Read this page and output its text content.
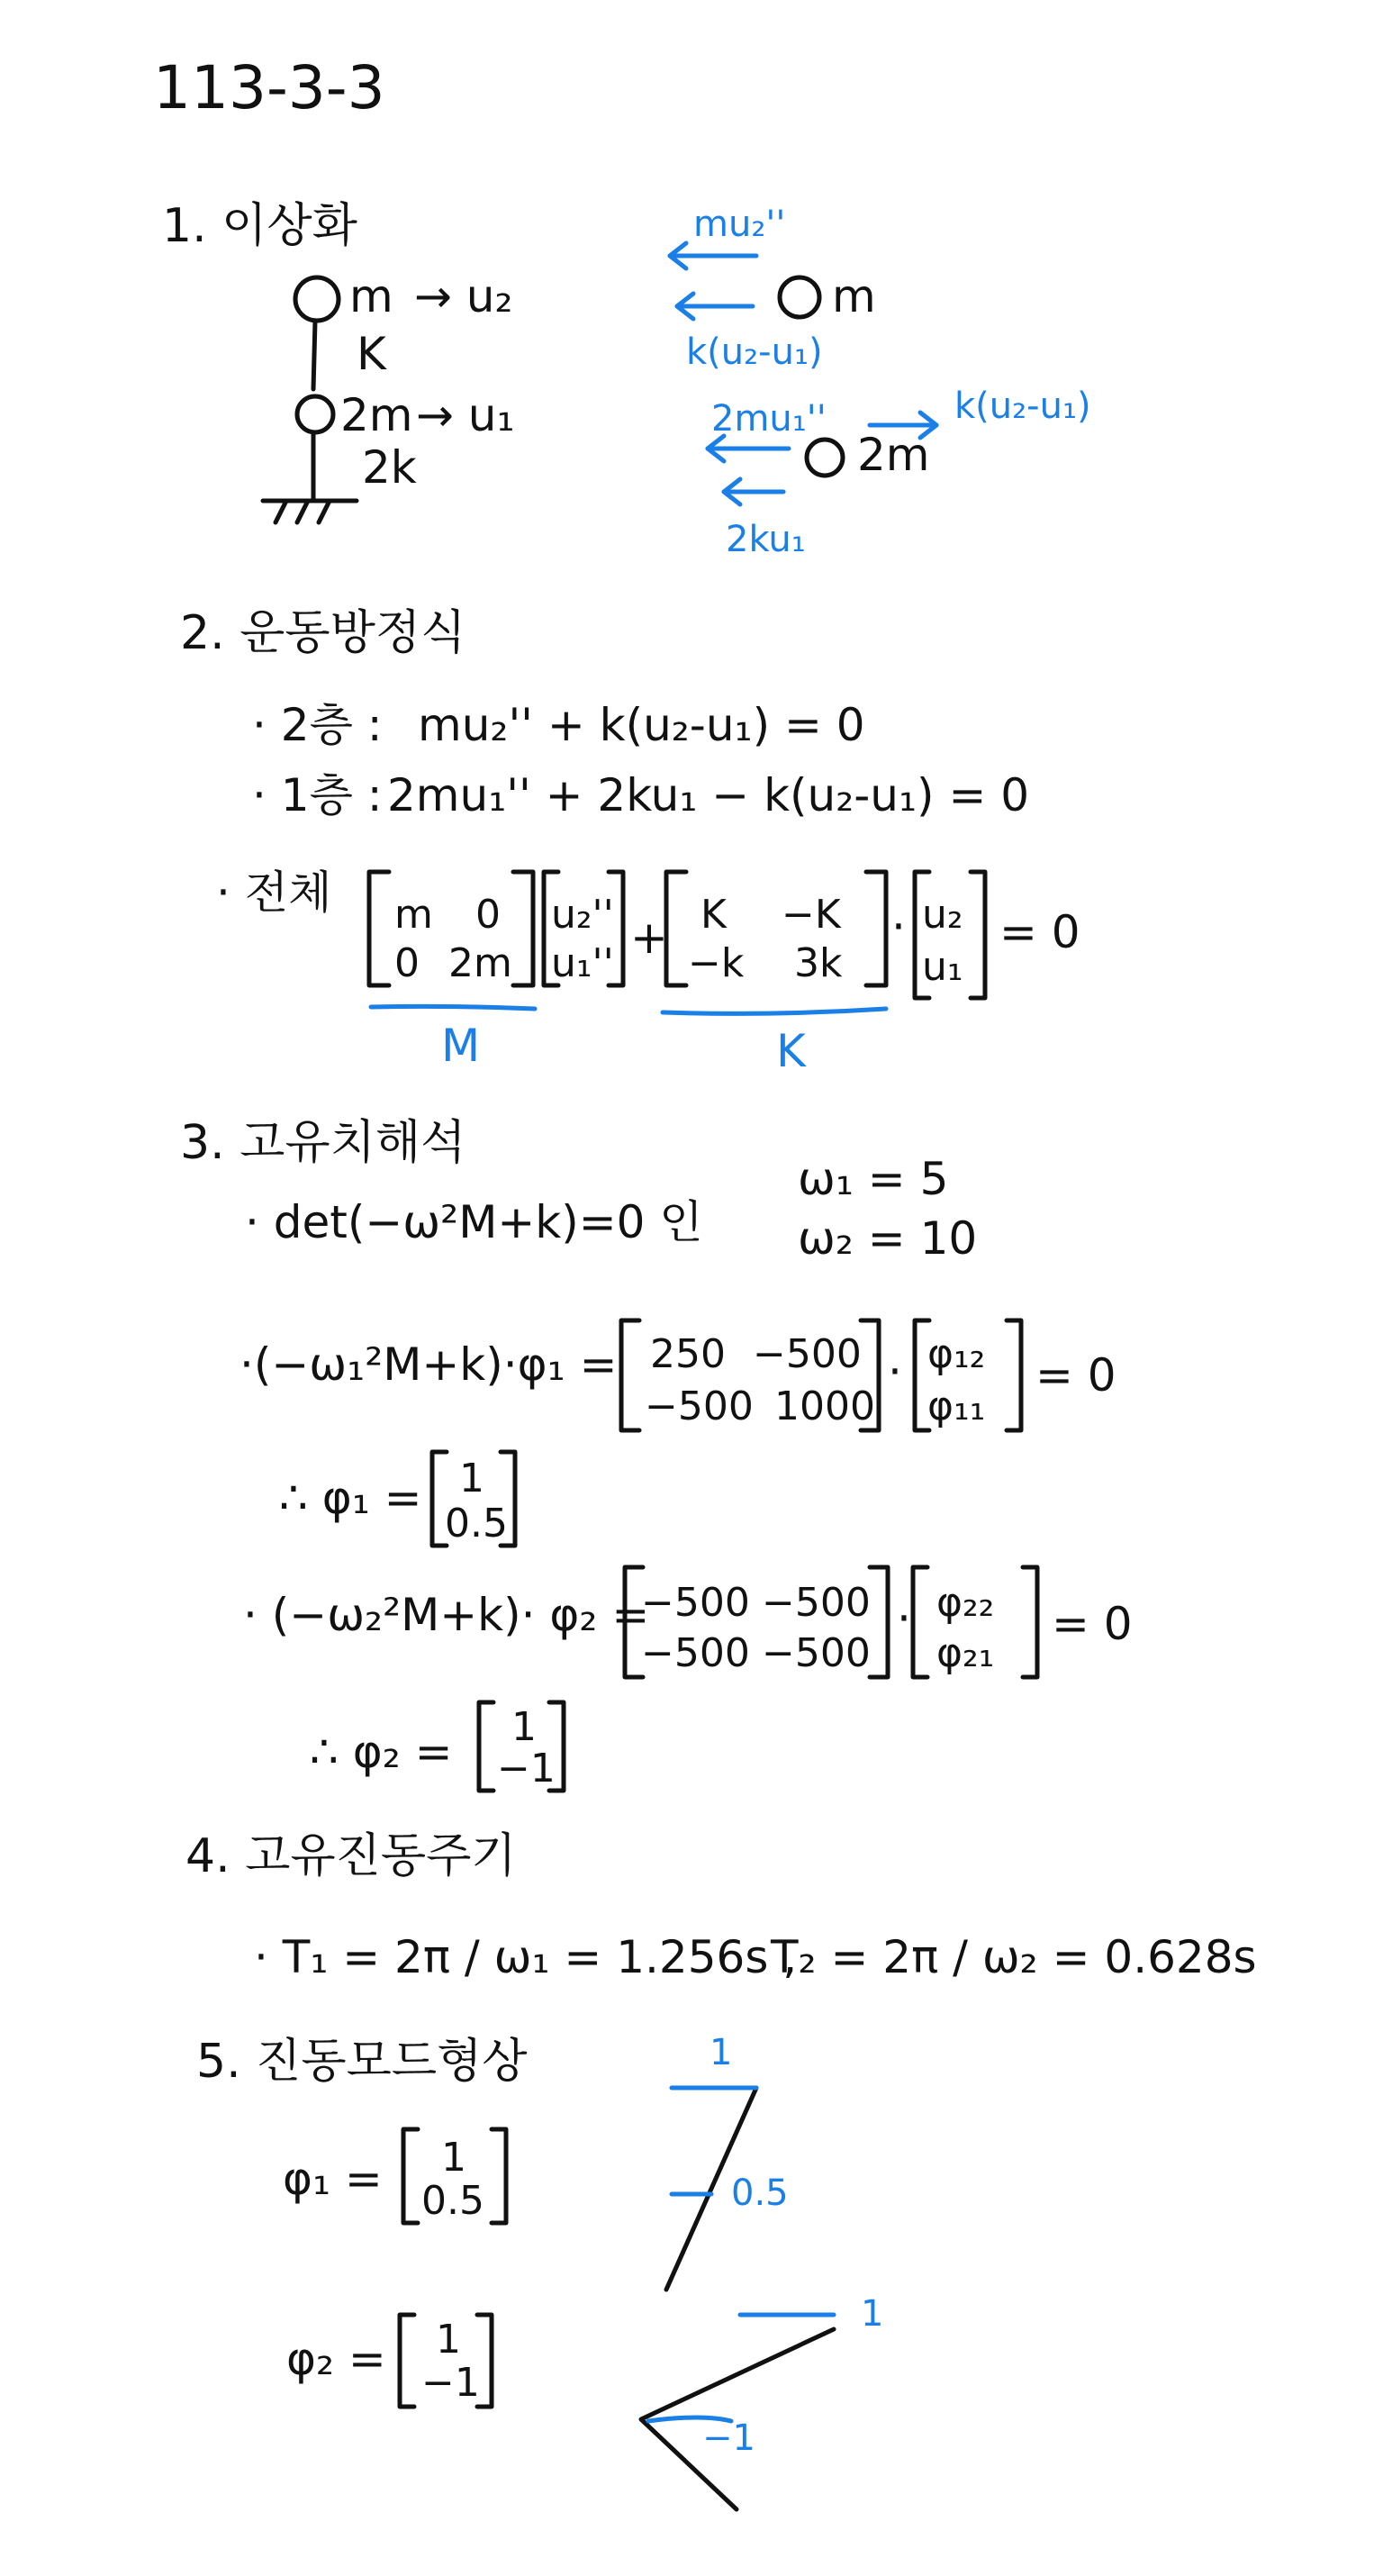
113-3-3
1. 이상화
m → u₂
K
2m → u₁
2k
mu₂''
m
k(u₂-u₁)
2mu₁''
2m
k(u₂-u₁)
2ku₁
2. 운동방정식
· 2층 : mu₂'' + k(u₂-u₁) = 0
· 1층 : 2mu₁'' + 2ku₁ − k(u₂-u₁) = 0
· 전체 m 0
0 2m
u₂''
u₁'' + K −K
−k 3k
· u₂
u₁
= 0
M	K
3. 고유치해석
· det(−ω²M+k)=0 인
ω₁ = 5
ω₂ = 10
·(−ω₁²M+k)·φ₁ = 250 −500
−500 1000
· φ₁₂
φ₁₁
= 0
∴ φ₁ = 1
0.5
· (−ω₂²M+k)· φ₂ =
−500 −500
−500 −500
· φ₂₂
φ₂₁
= 0
∴ φ₂ = 1
−1
4. 고유진동주기
· T₁ = 2π / ω₁ = 1.256s ,
T₂ = 2π / ω₂ = 0.628s
5. 진동모드형상
φ₁ = 1
0.5
1
0.5
φ₂ = 1
−1
1
−1
